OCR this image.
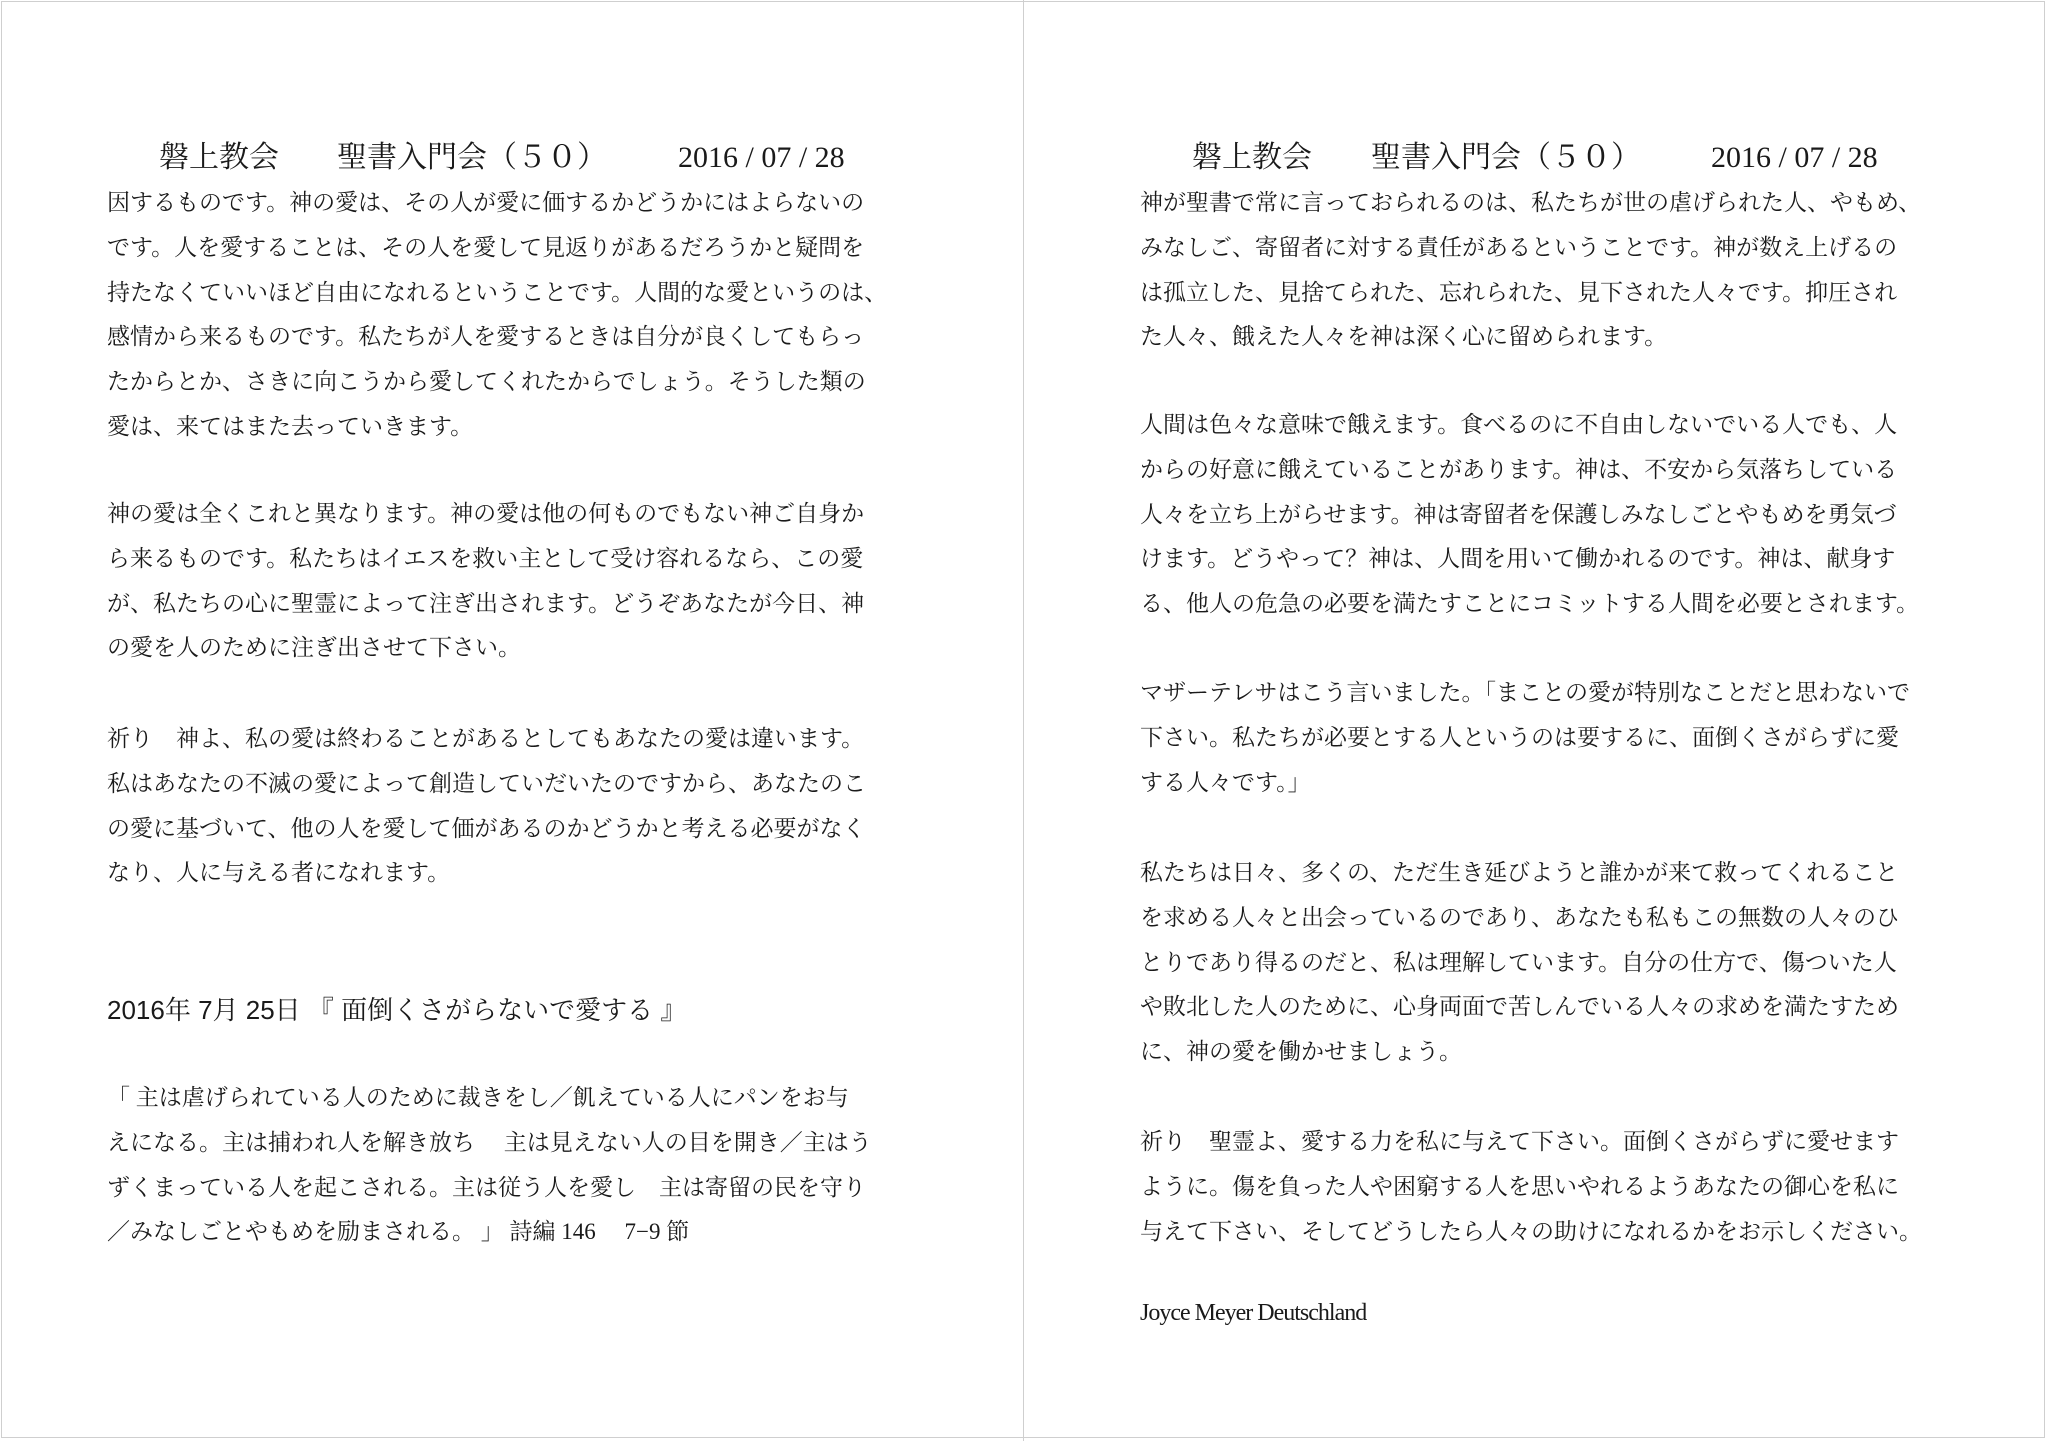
磐上教会 聖書入門会（５０） 2016 / 07 / 28
因するものです。神の愛は、その人が愛に価するかどうかにはよらないの
です。人を愛することは、その人を愛して見返りがあるだろうかと疑問を
持たなくていいほど自由になれるということです。人間的な愛というのは、
感情から来るものです。私たちが人を愛するときは自分が良くしてもらっ
たからとか、さきに向こうから愛してくれたからでしょう。そうした類の
愛は、来てはまた去っていきます。
神の愛は全くこれと異なります。神の愛は他の何ものでもない神ご自身か
ら来るものです。私たちはイエスを救い主として受け容れるなら、この愛
が、私たちの心に聖霊によって注ぎ出されます。どうぞあなたが今日、神
の愛を人のために注ぎ出させて下さい。
祈り　神よ、私の愛は終わることがあるとしてもあなたの愛は違います。
私はあなたの不滅の愛によって創造していだいたのですから、あなたのこ
の愛に基づいて、他の人を愛して価があるのかどうかと考える必要がなく
なり、人に与える者になれます。
2016年 7月 25日 『 面倒くさがらないで愛する 』
「 主は虐げられている人のために裁きをし／飢えている人にパンをお与
えになる。主は捕われ人を解き放ち　 主は見えない人の目を開き／主はう
ずくまっている人を起こされる。主は従う人を愛し　主は寄留の民を守り
／みなしごとやもめを励まされる。 」 詩編 146　 7−9 節
磐上教会 聖書入門会（５０） 2016 / 07 / 28
神が聖書で常に言っておられるのは、私たちが世の虐げられた人、やもめ、
みなしご、寄留者に対する責任があるということです。神が数え上げるの
は孤立した、見捨てられた、忘れられた、見下された人々です。抑圧され
た人々、餓えた人々を神は深く心に留められます。
人間は色々な意味で餓えます。食べるのに不自由しないでいる人でも、人
からの好意に餓えていることがあります。神は、不安から気落ちしている
人々を立ち上がらせます。神は寄留者を保護しみなしごとやもめを勇気づ
けます。どうやって？神は、人間を用いて働かれるのです。神は、献身す
る、他人の危急の必要を満たすことにコミットする人間を必要とされます。
マザーテレサはこう言いました。「まことの愛が特別なことだと思わないで
下さい。私たちが必要とする人というのは要するに、面倒くさがらずに愛
する人々です。」
私たちは日々、多くの、ただ生き延びようと誰かが来て救ってくれること
を求める人々と出会っているのであり、あなたも私もこの無数の人々のひ
とりであり得るのだと、私は理解しています。自分の仕方で、傷ついた人
や敗北した人のために、心身両面で苦しんでいる人々の求めを満たすため
に、神の愛を働かせましょう。
祈り　聖霊よ、愛する力を私に与えて下さい。面倒くさがらずに愛せます
ように。傷を負った人や困窮する人を思いやれるようあなたの御心を私に
与えて下さい、そしてどうしたら人々の助けになれるかをお示しください。
Joyce Meyer Deutschland
